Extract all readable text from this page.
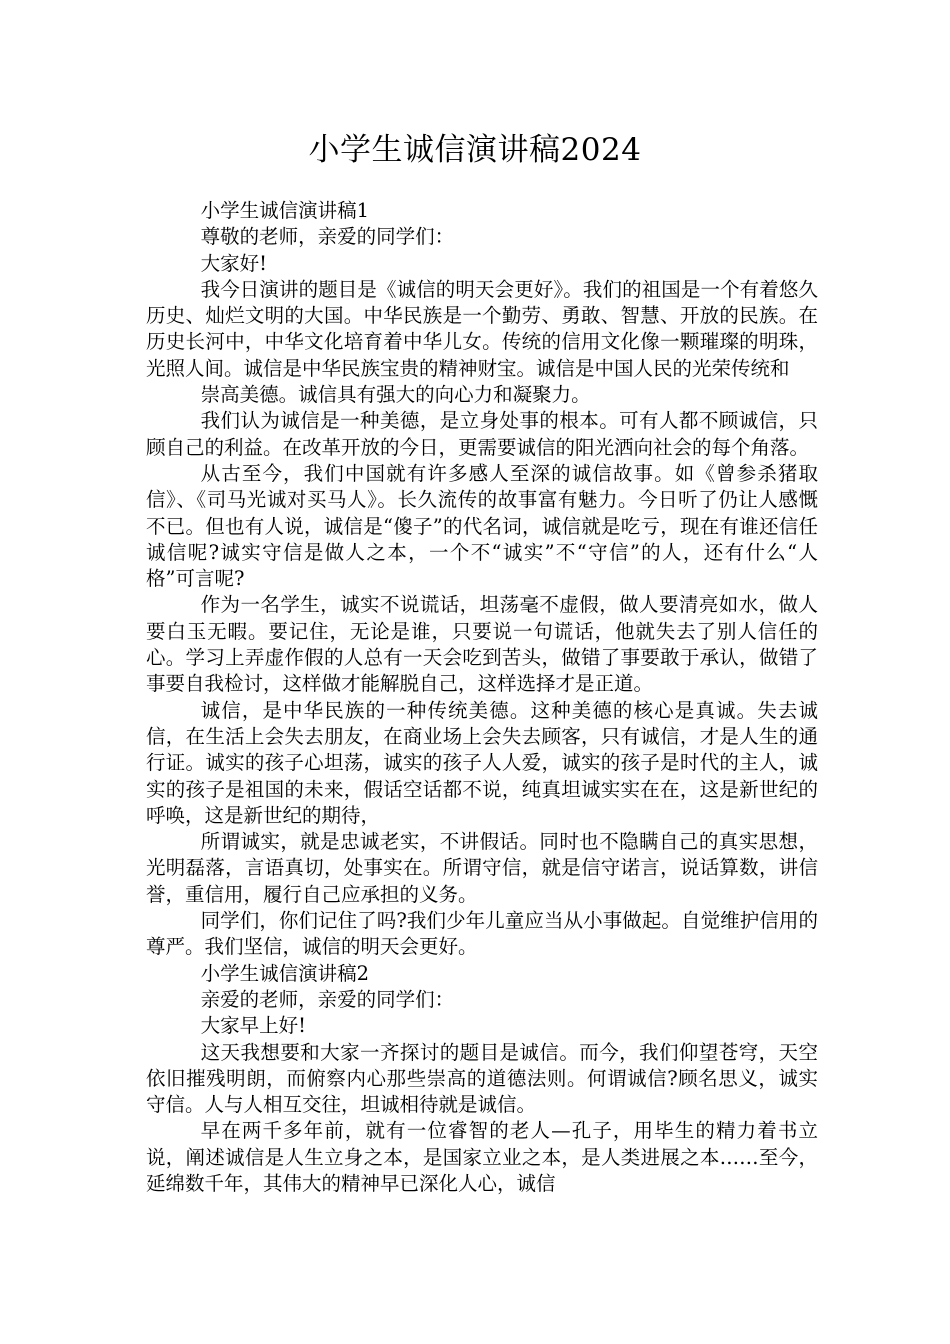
小学生诚信演讲稿2024

小学生诚信演讲稿1

尊敬的老师，亲爱的同学们：

大家好!

我今日演讲的题目是《诚信的明天会更好》。我们的祖国是一个有着悠久历史、灿烂文明的大国。中华民族是一个勤劳、勇敢、智慧、开放的民族。在历史长河中，中华文化培育着中华儿女。传统的信用文化像一颗璀璨的明珠，光照人间。诚信是中华民族宝贵的精神财宝。诚信是中国人民的光荣传统和

崇高美德。诚信具有强大的向心力和凝聚力。

我们认为诚信是一种美德，是立身处事的根本。可有人都不顾诚信，只顾自己的利益。在改革开放的今日，更需要诚信的阳光洒向社会的每个角落。

从古至今，我们中国就有许多感人至深的诚信故事。如《曾参杀猪取信》、《司马光诚对买马人》。长久流传的故事富有魅力。今日听了仍让人感慨不已。但也有人说，诚信是“傻子”的代名词，诚信就是吃亏，现在有谁还信任诚信呢?诚实守信是做人之本，一个不“诚实”不“守信”的人，还有什么“人格”可言呢?

作为一名学生，诚实不说谎话，坦荡毫不虚假，做人要清亮如水，做人要白玉无暇。要记住，无论是谁，只要说一句谎话，他就失去了别人信任的心。学习上弄虚作假的人总有一天会吃到苦头，做错了事要敢于承认，做错了事要自我检讨，这样做才能解脱自己，这样选择才是正道。

诚信，是中华民族的一种传统美德。这种美德的核心是真诚。失去诚信，在生活上会失去朋友，在商业场上会失去顾客，只有诚信，才是人生的通行证。诚实的孩子心坦荡，诚实的孩子人人爱，诚实的孩子是时代的主人，诚实的孩子是祖国的未来，假话空话都不说，纯真坦诚实实在在，这是新世纪的呼唤，这是新世纪的期待，

所谓诚实，就是忠诚老实，不讲假话。同时也不隐瞒自己的真实思想，光明磊落，言语真切，处事实在。所谓守信，就是信守诺言，说话算数，讲信誉，重信用，履行自己应承担的义务。

同学们，你们记住了吗?我们少年儿童应当从小事做起。自觉维护信用的尊严。我们坚信，诚信的明天会更好。

小学生诚信演讲稿2

亲爱的老师，亲爱的同学们：

大家早上好!

这天我想要和大家一齐探讨的题目是诚信。而今，我们仰望苍穹，天空依旧摧残明朗，而俯察内心那些崇高的道德法则。何谓诚信?顾名思义，诚实守信。人与人相互交往，坦诚相待就是诚信。

早在两千多年前，就有一位睿智的老人—孔子，用毕生的精力着书立说，阐述诚信是人生立身之本，是国家立业之本，是人类进展之本……至今，延绵数千年，其伟大的精神早已深化人心，诚信
